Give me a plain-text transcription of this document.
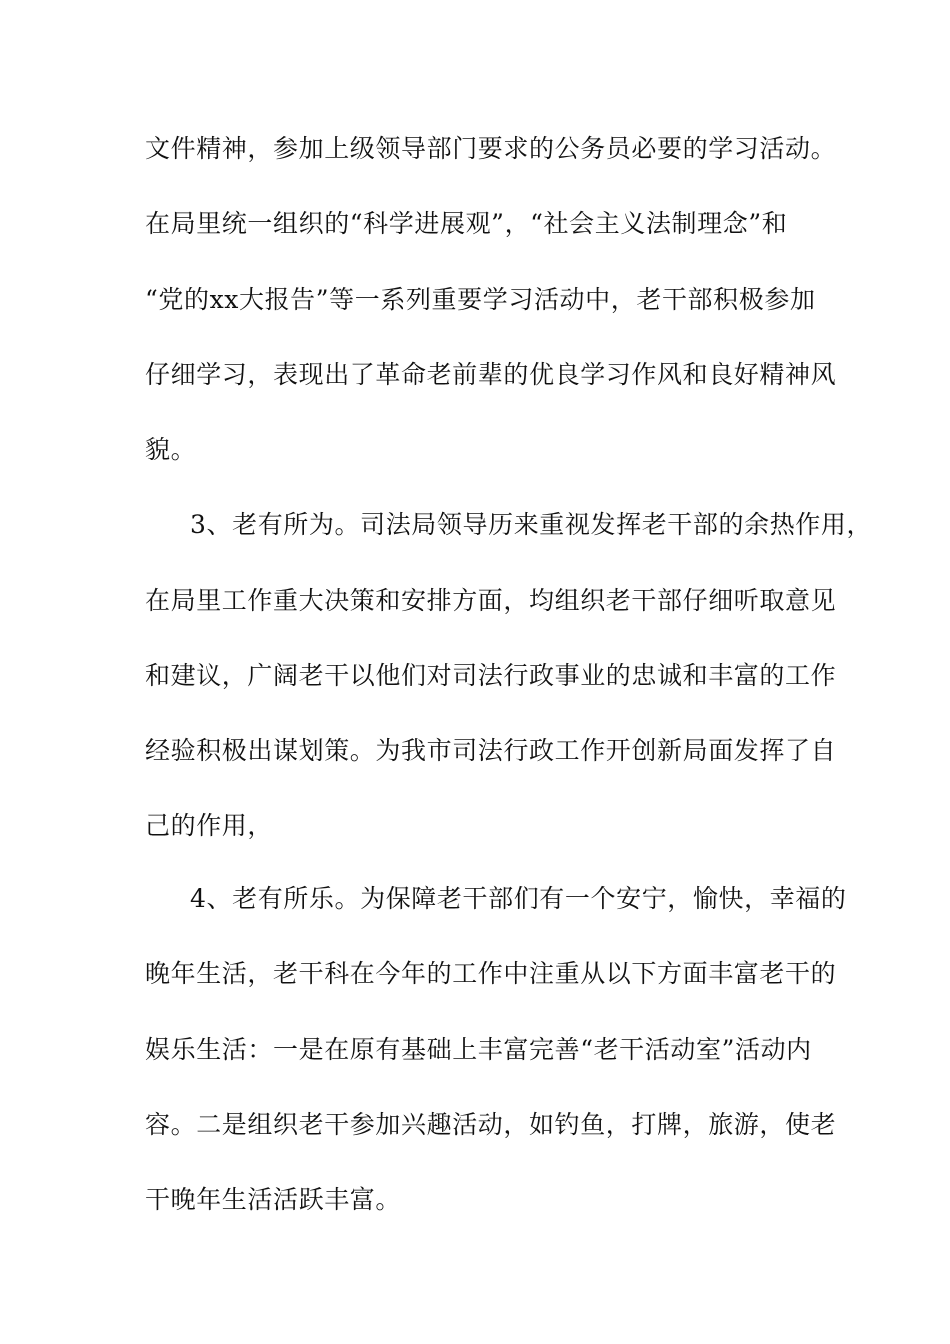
文件精神，参加上级领导部门要求的公务员必要的学习活动。
在局里统一组织的“科学进展观”，“社会主义法制理念”和
“党的xx大报告”等一系列重要学习活动中，老干部积极参加
仔细学习，表现出了革命老前辈的优良学习作风和良好精神风
貌。
3、老有所为。司法局领导历来重视发挥老干部的余热作用，
在局里工作重大决策和安排方面，均组织老干部仔细听取意见
和建议，广阔老干以他们对司法行政事业的忠诚和丰富的工作
经验积极出谋划策。为我市司法行政工作开创新局面发挥了自
己的作用，
4、老有所乐。为保障老干部们有一个安宁，愉快，幸福的
晚年生活，老干科在今年的工作中注重从以下方面丰富老干的
娱乐生活：一是在原有基础上丰富完善“老干活动室”活动内
容。二是组织老干参加兴趣活动，如钓鱼，打牌，旅游，使老
干晚年生活活跃丰富。
